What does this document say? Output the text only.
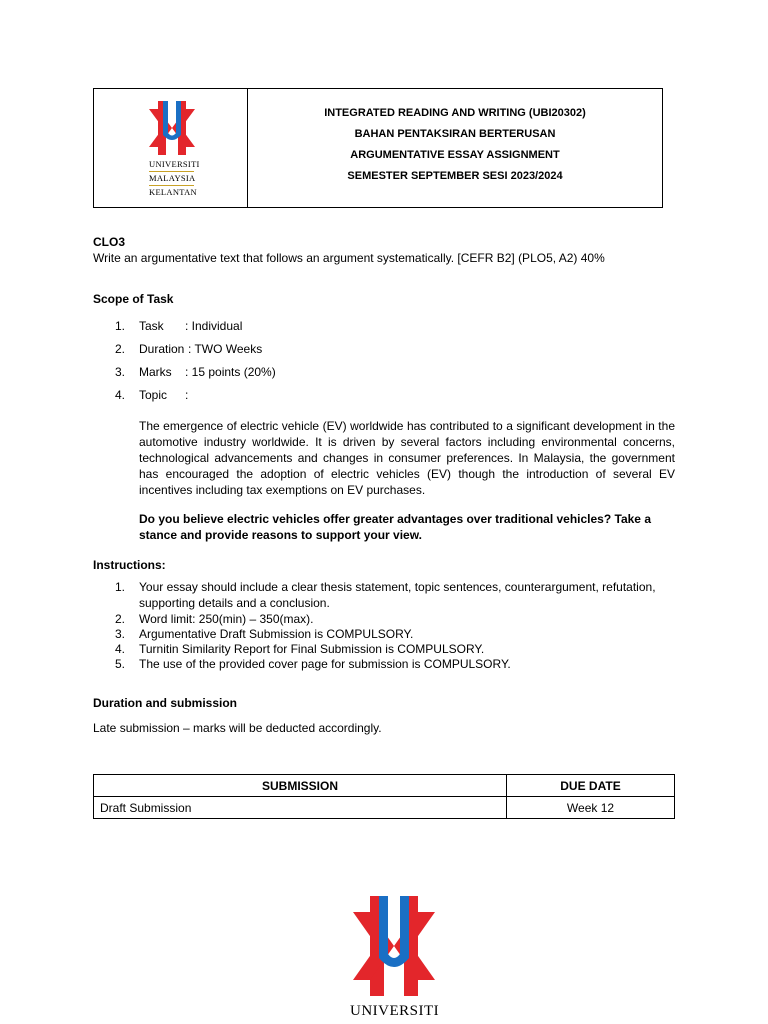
UNIVERSITI
MALAYSIA
KELANTAN
INTEGRATED READING AND WRITING (UBI20302)
BAHAN PENTAKSIRAN BERTERUSAN
ARGUMENTATIVE ESSAY ASSIGNMENT
SEMESTER SEPTEMBER SESI 2023/2024
CLO3
Write an argumentative text that follows an argument systematically. [CEFR B2] (PLO5, A2) 40%
Scope of Task
1. Task : Individual
2. Duration : TWO Weeks
3. Marks : 15 points (20%)
4. Topic :
The emergence of electric vehicle (EV) worldwide has contributed to a significant development in the automotive industry worldwide. It is driven by several factors including environmental concerns, technological advancements and changes in consumer preferences. In Malaysia, the government has encouraged the adoption of electric vehicles (EV) though the introduction of several EV incentives including tax exemptions on EV purchases.
Do you believe electric vehicles offer greater advantages over traditional vehicles? Take a stance and provide reasons to support your view.
Instructions:
1. Your essay should include a clear thesis statement, topic sentences, counterargument, refutation, supporting details and a conclusion.
2. Word limit: 250(min) – 350(max).
3. Argumentative Draft Submission is COMPULSORY.
4. Turnitin Similarity Report for Final Submission is COMPULSORY.
5. The use of the provided cover page for submission is COMPULSORY.
Duration and submission
Late submission – marks will be deducted accordingly.
SUBMISSION	DUE DATE
Draft Submission	Week 12
UNIVERSITI
